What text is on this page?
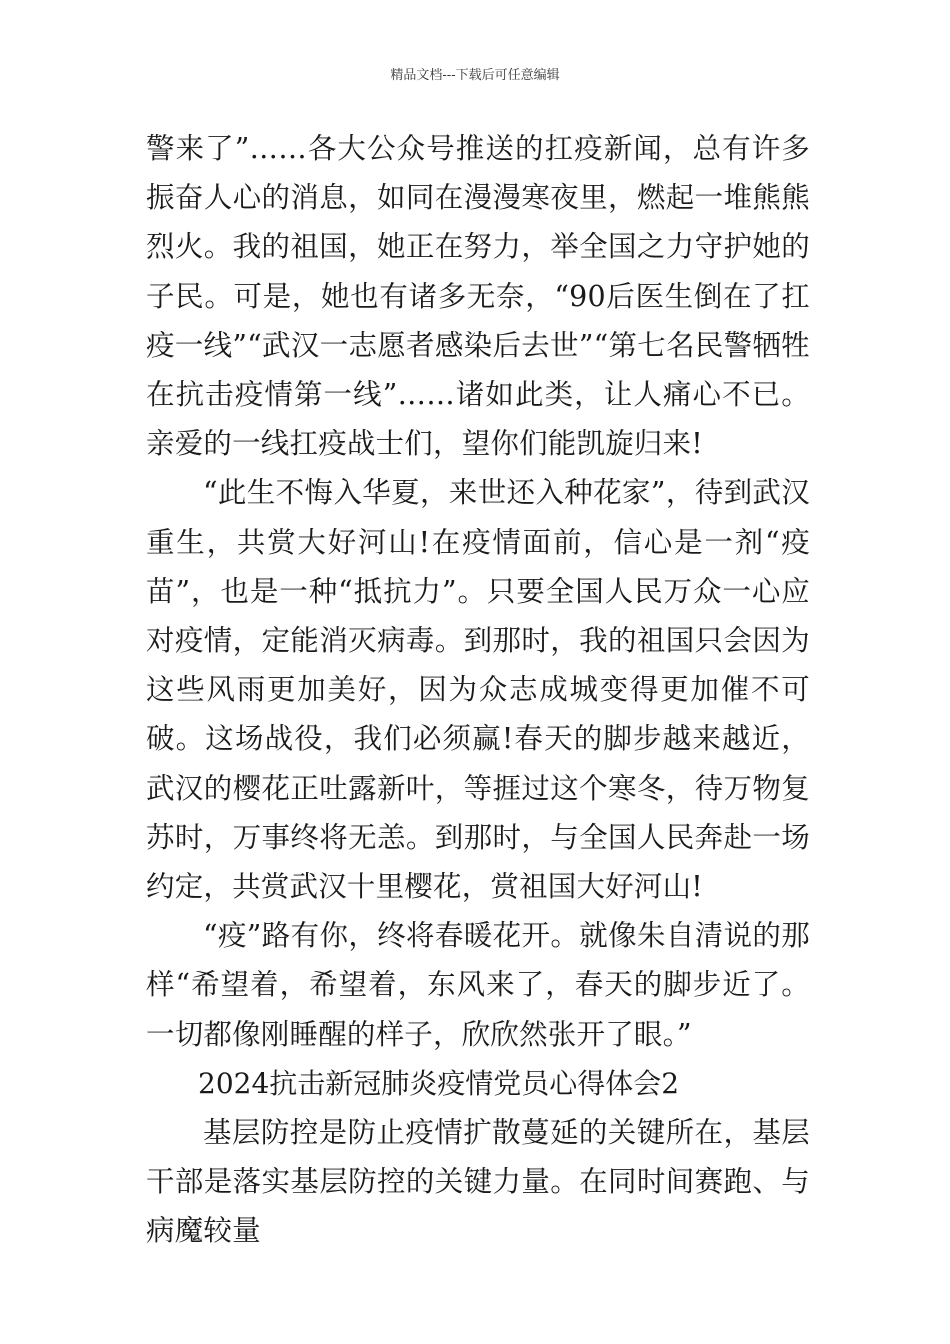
精品文档---下载后可任意编辑

警来了”……各大公众号推送的扛疫新闻，总有许多振奋人心的消息，如同在漫漫寒夜里，燃起一堆熊熊烈火。我的祖国，她正在努力，举全国之力守护她的子民。可是，她也有诸多无奈，“90后医生倒在了扛疫一线”“武汉一志愿者感染后去世”“第七名民警牺牲在抗击疫情第一线”……诸如此类，让人痛心不已。亲爱的一线扛疫战士们，望你们能凯旋归来!

“此生不悔入华夏，来世还入种花家”，待到武汉重生，共赏大好河山!在疫情面前，信心是一剂“疫苗”，也是一种“抵抗力”。只要全国人民万众一心应对疫情，定能消灭病毒。到那时，我的祖国只会因为这些风雨更加美好，因为众志成城变得更加催不可破。这场战役，我们必须赢!春天的脚步越来越近，武汉的樱花正吐露新叶，等捱过这个寒冬，待万物复苏时，万事终将无恙。到那时，与全国人民奔赴一场约定，共赏武汉十里樱花，赏祖国大好河山!

“疫”路有你，终将春暖花开。就像朱自清说的那样“希望着，希望着，东风来了，春天的脚步近了。一切都像刚睡醒的样子，欣欣然张开了眼。”

2024抗击新冠肺炎疫情党员心得体会2

基层防控是防止疫情扩散蔓延的关键所在，基层干部是落实基层防控的关键力量。在同时间赛跑、与病魔较量
